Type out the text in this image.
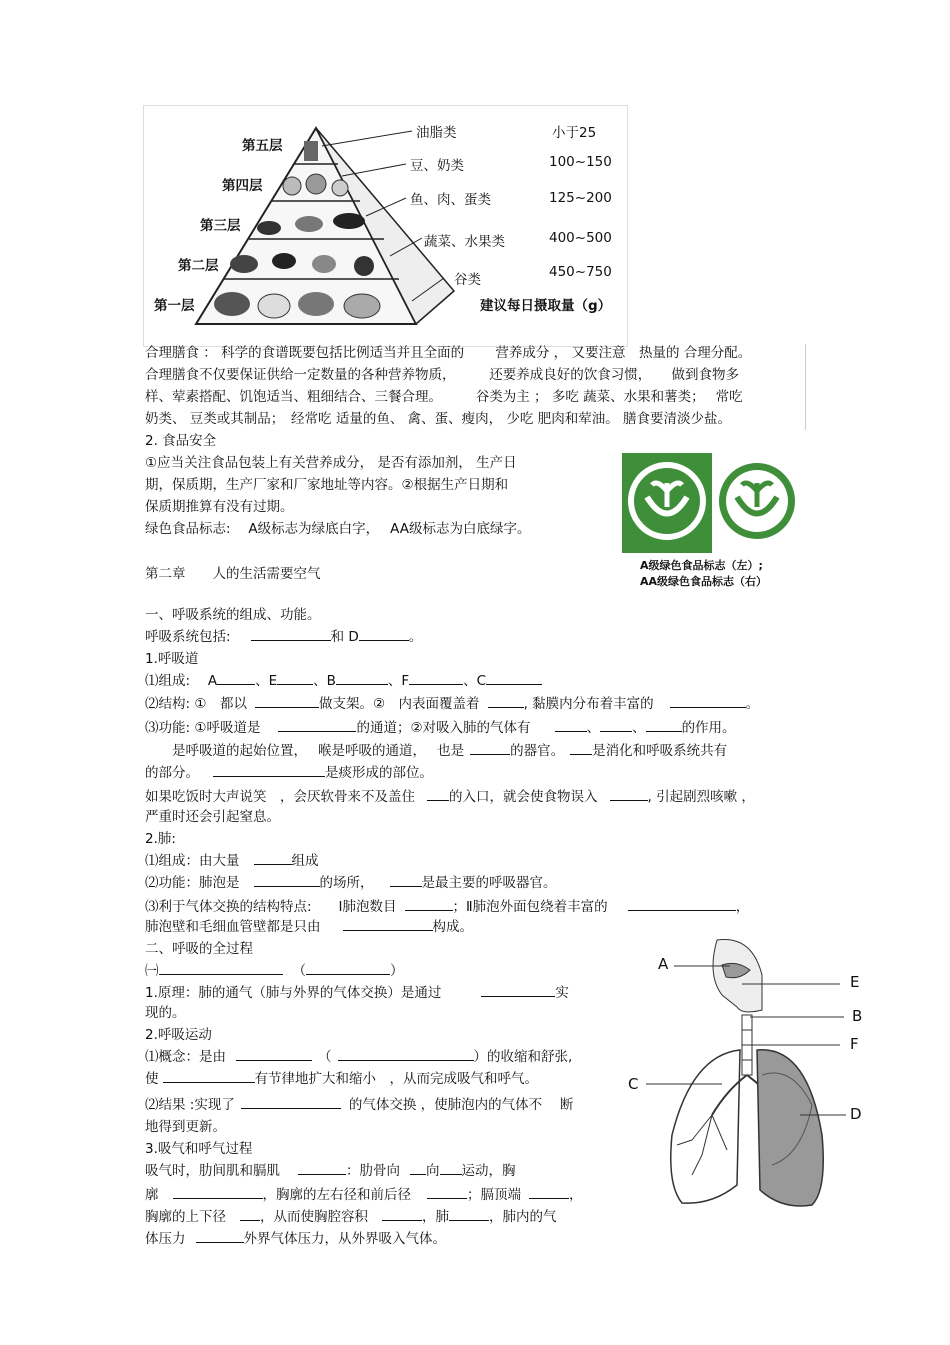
第五层
第四层
第三层
第二层
第一层
油脂类
豆、奶类
鱼、肉、蛋类
蔬菜、水果类
谷类
小于25
100~150
125~200
400~500
450~750
建议每日摄取量（g）
合理膳食 ： 科学的食谱既要包括比例适当并且全面的　　 营养成分 ， 又要注意　热量的 合理分配。
合理膳食不仅要保证供给一定数量的各种营养物质，　　　还要养成良好的饮食习惯，　　做到食物多
样、荤素搭配、饥饱适当、粗细结合、三餐合理。　　　谷类为主 ； 多吃 蔬菜、水果和薯类；　 常吃
奶类、 豆类或其制品；　经常吃 适量的鱼、 禽、蛋、瘦肉， 少吃 肥肉和荤油。 膳食要清淡少盐。
2. 食品安全
①应当关注食品包装上有关营养成分， 是否有添加剂， 生产日
期，保质期，生产厂家和厂家地址等内容。②根据生产日期和
保质期推算有没有过期。
绿色食品标志:　 A级标志为绿底白字，　 AA级标志为白底绿字。
A级绿色食品标志（左）;
AA级绿色食品标志（右）
第二章　　人的生活需要空气
一、呼吸系统的组成、功能。
呼吸系统包括:	和 D	。
1.呼吸道
⑴组成:　 A	、E	、B	、F	、C
⑵结构: ①　都以	做支架。②　内表面覆盖着	, 黏膜内分布着丰富的	。
⑶功能: ①呼吸道是	的通道；②对吸入肺的气体有	、 、	的作用。
　　是呼吸道的起始位置，　 喉是呼吸的通道，　 也是	的器官。 是消化和呼吸系统共有
的部分。	是痰形成的部位。
如果吃饭时大声说笑　，会厌软骨来不及盖住	的入口，就会使食物误入	, 引起剧烈咳嗽 ，
严重时还会引起窒息。
2.肺:
⑴组成：由大量	组成
⑵功能：肺泡是	的场所，	是最主要的呼吸器官。
⑶利于气体交换的结构特点:　　Ⅰ肺泡数目	；Ⅱ肺泡外面包绕着丰富的	，
肺泡壁和毛细血管壁都是只由	构成。
二、呼吸的全过程
㈠	（	）
1.原理：肺的通气（肺与外界的气体交换）是通过	实
现的。
2.呼吸运动
⑴概念：是由	（	）的收缩和舒张,
使	有节律地扩大和缩小　，从而完成吸气和呼气。
⑵结果 :实现了	的气体交换 ，使肺泡内的气体不　 断
地得到更新。
3.吸气和呼气过程
吸气时，肋间肌和膈肌	：肋骨向 向 运动，胸
廓	，胸廓的左右径和前后径	；膈顶端	，
胸廓的上下径	，从而使胸腔容积	，肺	，肺内的气
体压力	外界气体压力，从外界吸入气体。
A
E
B
F
C
D
